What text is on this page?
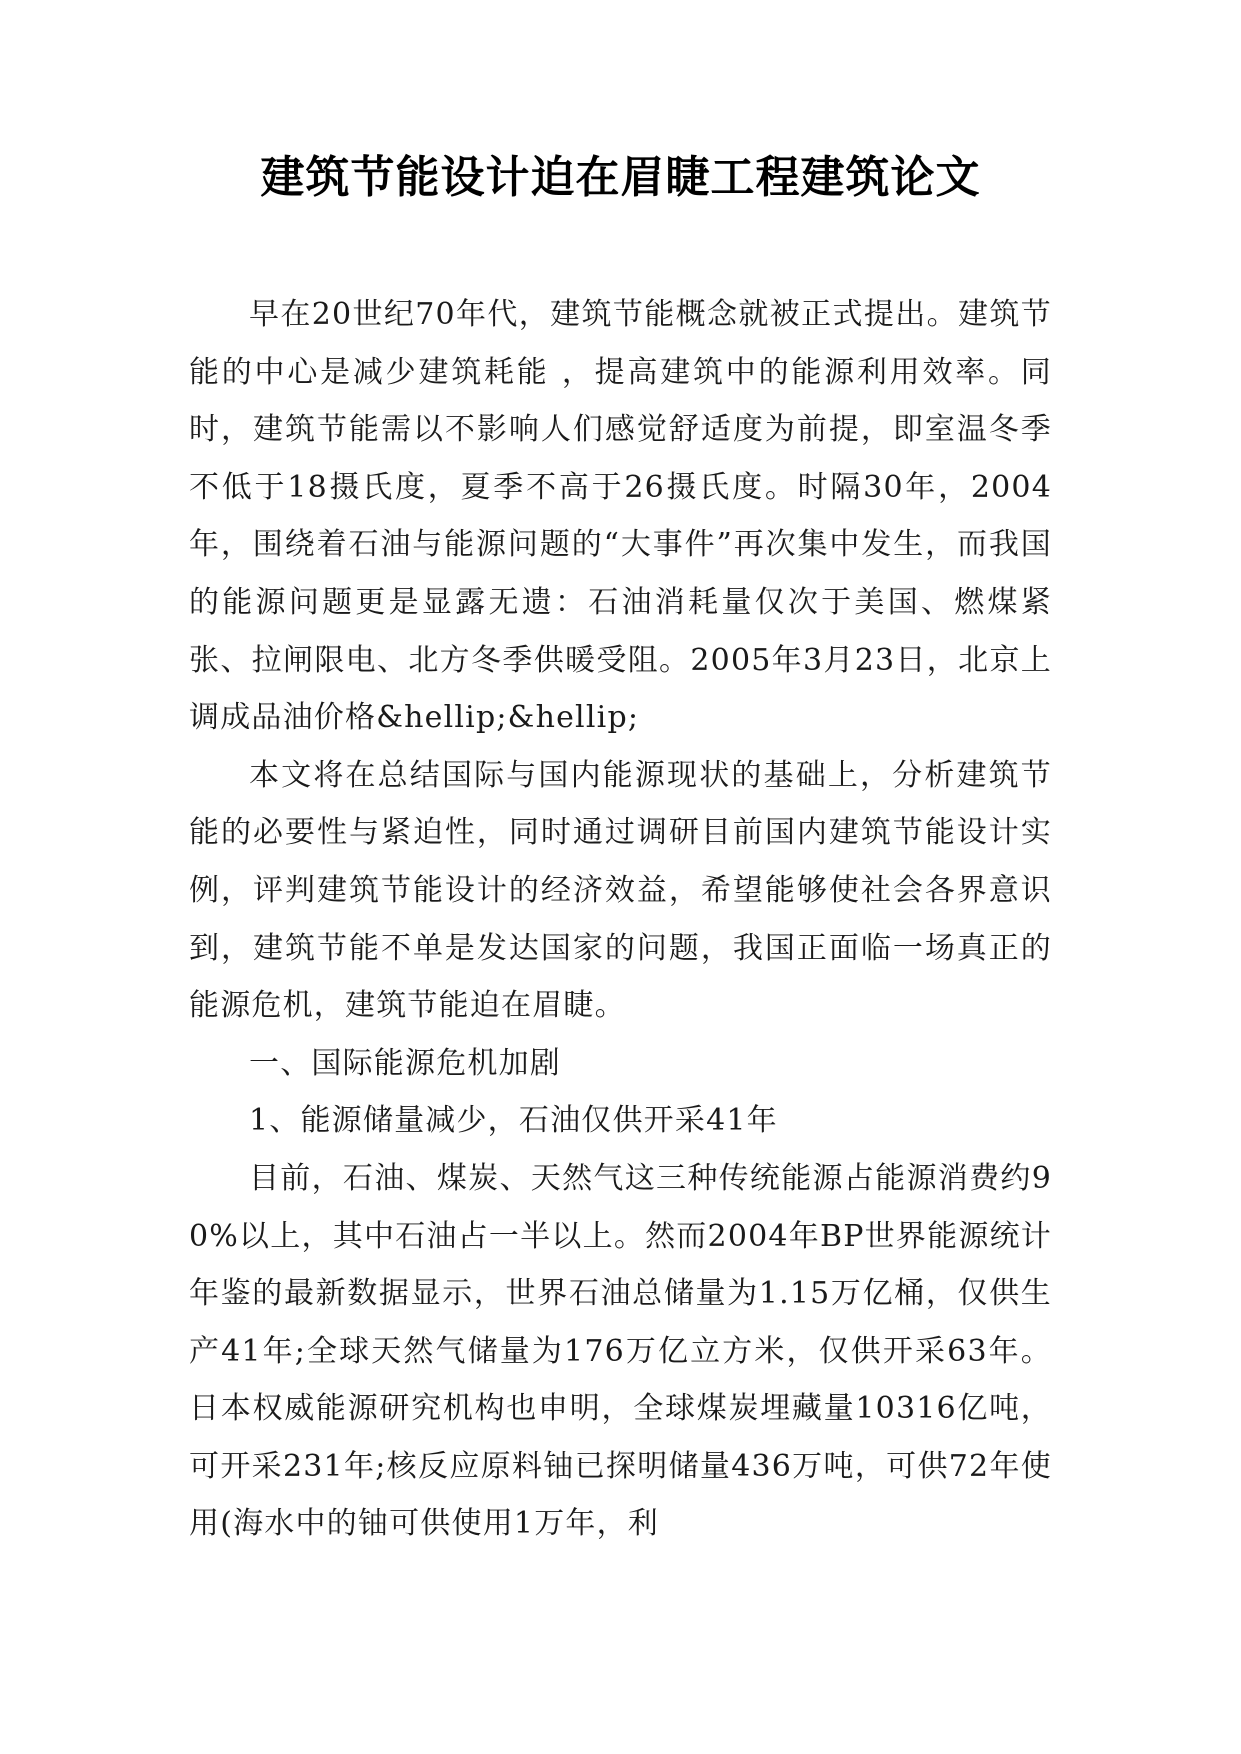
建筑节能设计迫在眉睫工程建筑论文

早在20世纪70年代，建筑节能概念就被正式提出。建筑节能的中心是减少建筑耗能 ，提高建筑中的能源利用效率。同时，建筑节能需以不影响人们感觉舒适度为前提，即室温冬季不低于18摄氏度，夏季不高于26摄氏度。时隔30年，2004年，围绕着石油与能源问题的“大事件”再次集中发生，而我国的能源问题更是显露无遗：石油消耗量仅次于美国、燃煤紧张、拉闸限电、北方冬季供暖受阻。2005年3月23日，北京上调成品油价格&hellip;&hellip;

本文将在总结国际与国内能源现状的基础上，分析建筑节能的必要性与紧迫性，同时通过调研目前国内建筑节能设计实例，评判建筑节能设计的经济效益，希望能够使社会各界意识到，建筑节能不单是发达国家的问题，我国正面临一场真正的能源危机，建筑节能迫在眉睫。

一、国际能源危机加剧

1、能源储量减少，石油仅供开采41年

目前，石油、煤炭、天然气这三种传统能源占能源消费约90%以上，其中石油占一半以上。然而2004年BP世界能源统计年鉴的最新数据显示，世界石油总储量为1.15万亿桶，仅供生产41年;全球天然气储量为176万亿立方米，仅供开采63年。日本权威能源研究机构也申明，全球煤炭埋藏量10316亿吨，可开采231年;核反应原料铀已探明储量436万吨，可供72年使用(海水中的铀可供使用1万年，利
